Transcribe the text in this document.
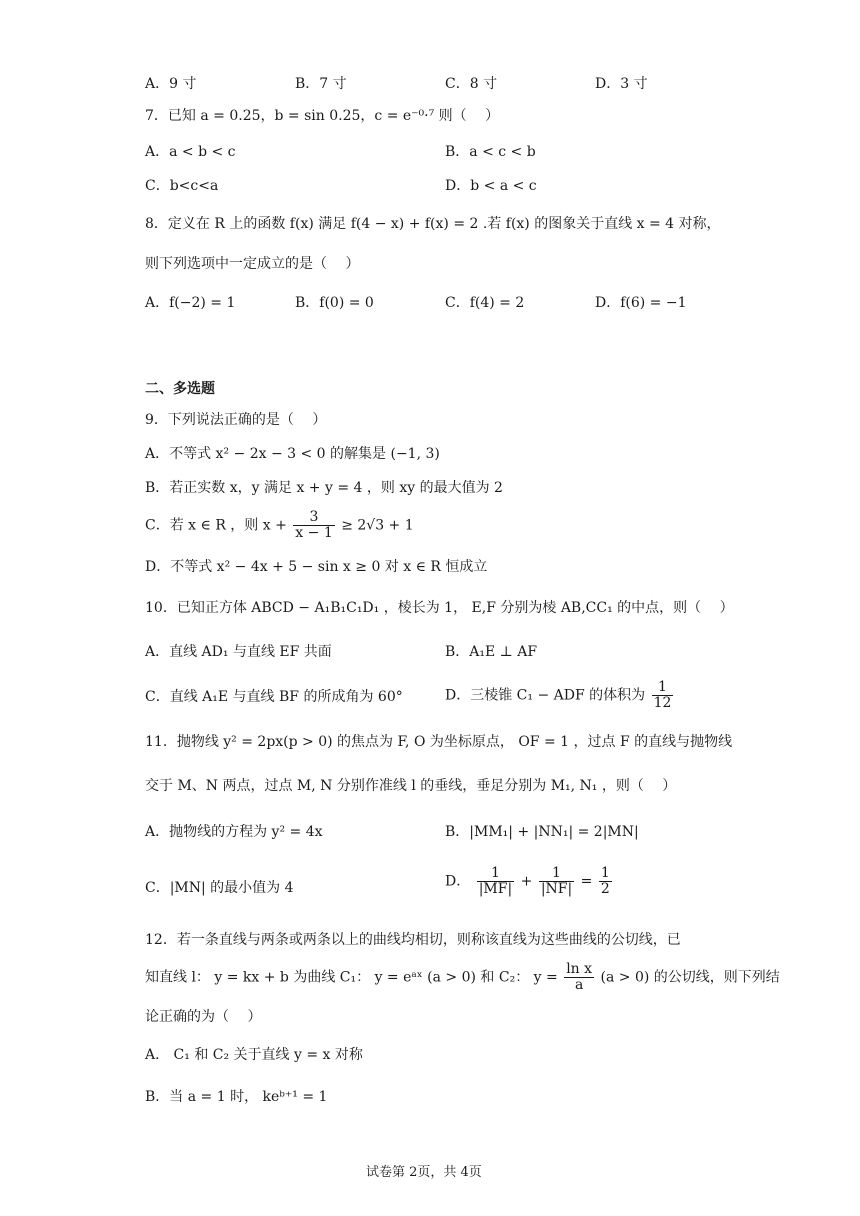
A．9 寸	B．7 寸	C．8 寸	D．3 寸
7．已知 a = 0.25，b = sin 0.25，c = e⁻⁰·⁷ 则（　 ）
A．a < b < c	B．a < c < b
C．b<c<a	D．b < a < c
8．定义在 R 上的函数 f(x) 满足 f(4 − x) + f(x) = 2 .若 f(x) 的图象关于直线 x = 4 对称，
则下列选项中一定成立的是（　 ）
A．f(−2) = 1	B．f(0) = 0	C．f(4) = 2	D．f(6) = −1
二、多选题
9．下列说法正确的是（　 ）
A．不等式 x² − 2x − 3 < 0 的解集是 (−1, 3)
B．若正实数 x，y 满足 x + y = 4 ，则 xy 的最大值为 2
C．若 x ∈ R ，则 $x + \frac{3}{x - 1} \ge 2√3 + 1$
D．不等式 x² − 4x + 5 − sin x ≥ 0 对 x ∈ R 恒成立
10．已知正方体 ABCD − A₁B₁C₁D₁ ，棱长为 1， E,F 分别为棱 AB,CC₁ 的中点，则（　 ）
A．直线 AD₁ 与直线 EF 共面	B．A₁E ⊥ AF
C．直线 A₁E 与直线 BF 的所成角为 60°	D．三棱锥 C₁ − ADF 的体积为 $\frac{1}{12}$
11．抛物线 y² = 2px(p > 0) 的焦点为 F, O 为坐标原点， OF = 1 ，过点 F 的直线与抛物线
交于 M、N 两点，过点 M, N 分别作准线 l 的垂线，垂足分别为 M₁, N₁ ，则（　 ）
A．抛物线的方程为 y² = 4x	B．|MM₁| + |NN₁| = 2|MN|
C．|MN| 的最小值为 4	D． $\frac{1}{|MF|} + \frac{1}{|NF|} = \frac{1}{2}$
12．若一条直线与两条或两条以上的曲线均相切，则称该直线为这些曲线的公切线，已
知直线 l： y = kx + b 为曲线 C₁： y = eᵃˣ (a > 0) 和 C₂： $y = \frac{\text{ln x}}{a} (a > 0)$ 的公切线，则下列结
论正确的为（　 ）
A． C₁ 和 C₂ 关于直线 y = x 对称
B．当 a = 1 时， keᵇ⁺¹ = 1
试卷第 2页，共 4页
